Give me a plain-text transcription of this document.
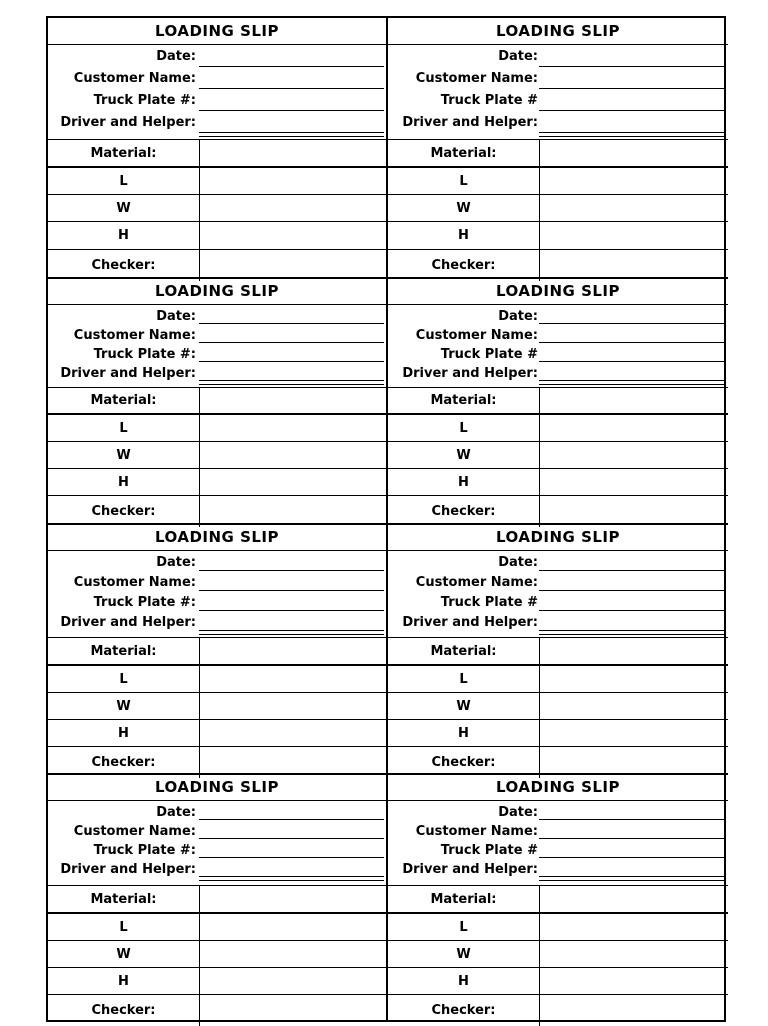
LOADING SLIP
Date:
Customer Name:
Truck Plate #:
Driver and Helper:
Material:
L
W
H
Checker:
LOADING SLIP
Date:
Customer Name:
Truck Plate #
Driver and Helper:
Material:
L
W
H
Checker:
LOADING SLIP
Date:
Customer Name:
Truck Plate #:
Driver and Helper:
Material:
L
W
H
Checker:
LOADING SLIP
Date:
Customer Name:
Truck Plate #
Driver and Helper:
Material:
L
W
H
Checker:
LOADING SLIP
Date:
Customer Name:
Truck Plate #:
Driver and Helper:
Material:
L
W
H
Checker:
LOADING SLIP
Date:
Customer Name:
Truck Plate #
Driver and Helper:
Material:
L
W
H
Checker:
LOADING SLIP
Date:
Customer Name:
Truck Plate #:
Driver and Helper:
Material:
L
W
H
Checker:
LOADING SLIP
Date:
Customer Name:
Truck Plate #
Driver and Helper:
Material:
L
W
H
Checker:
